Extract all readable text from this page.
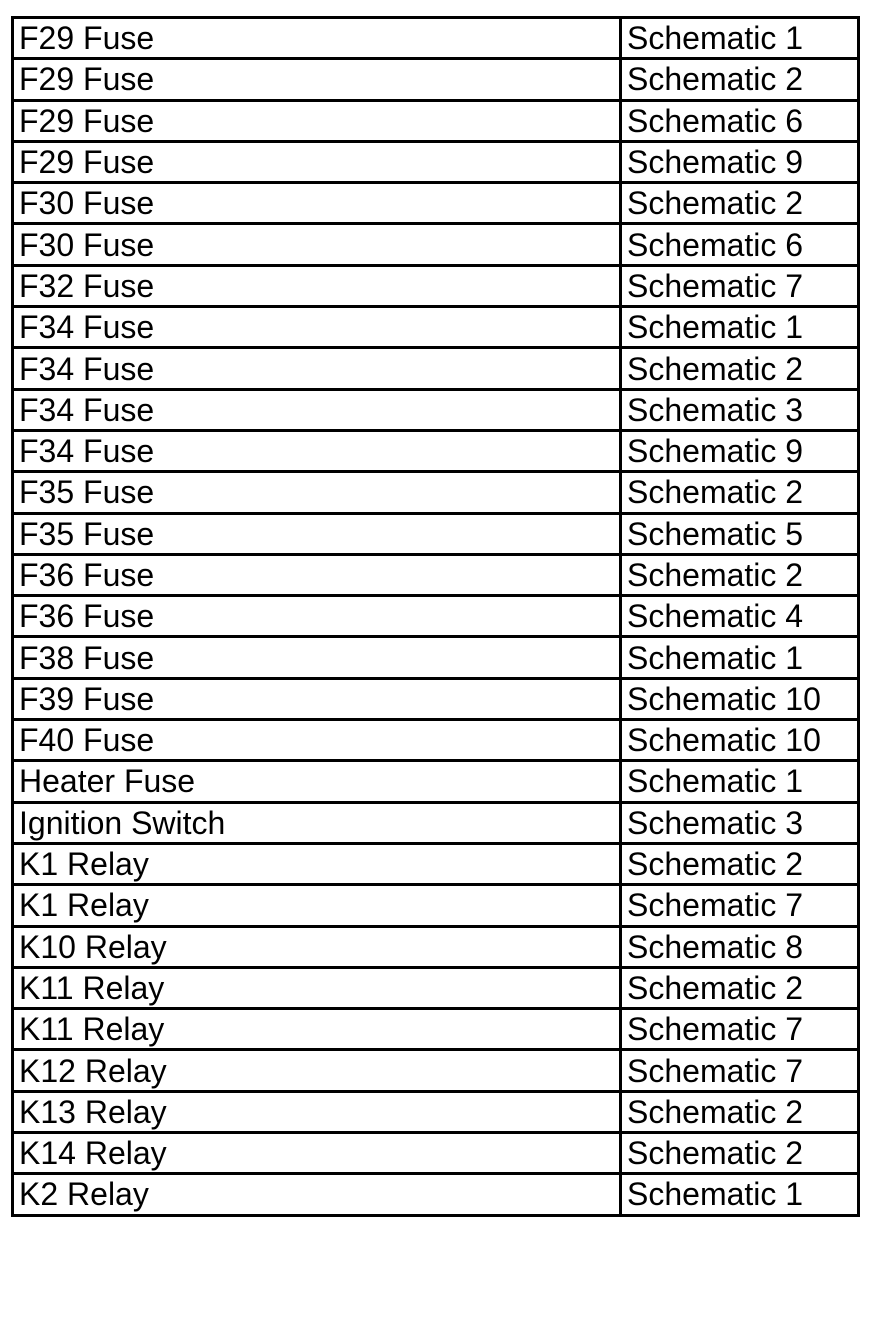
F29 Fuse	Schematic 1
F29 Fuse	Schematic 2
F29 Fuse	Schematic 6
F29 Fuse	Schematic 9
F30 Fuse	Schematic 2
F30 Fuse	Schematic 6
F32 Fuse	Schematic 7
F34 Fuse	Schematic 1
F34 Fuse	Schematic 2
F34 Fuse	Schematic 3
F34 Fuse	Schematic 9
F35 Fuse	Schematic 2
F35 Fuse	Schematic 5
F36 Fuse	Schematic 2
F36 Fuse	Schematic 4
F38 Fuse	Schematic 1
F39 Fuse	Schematic 10
F40 Fuse	Schematic 10
Heater Fuse	Schematic 1
Ignition Switch	Schematic 3
K1 Relay	Schematic 2
K1 Relay	Schematic 7
K10 Relay	Schematic 8
K11 Relay	Schematic 2
K11 Relay	Schematic 7
K12 Relay	Schematic 7
K13 Relay	Schematic 2
K14 Relay	Schematic 2
K2 Relay	Schematic 1
